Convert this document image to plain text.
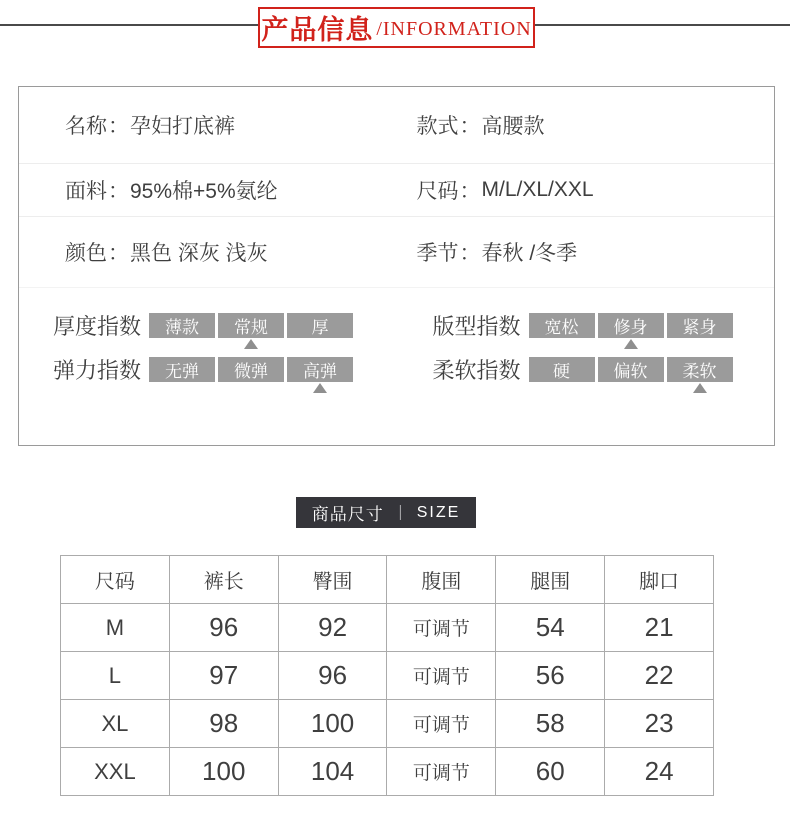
产品信息 /INFORMATION
名称 ： 孕妇打底裤	款式 ： 高腰款
面料 ： 95%棉+5%氨纶	尺码 ： M/L/XL/XXL
颜色 ： 黑色 深灰 浅灰	季节 ： 春秋 /冬季
厚度指数	薄款 常规	厚	版型指数	宽松 修身 紧身
弹力指数	无弹 微弹 高弹	柔软指数	硬	偏软 柔软
商品尺寸 ｜ SIZE
尺码	裤长	臀围	腹围	腿围	脚口
M	96	92	可调节	54	21
L	97	96	可调节	56	22
XL	98	100	可调节	58	23
XXL	100	104	可调节	60	24
